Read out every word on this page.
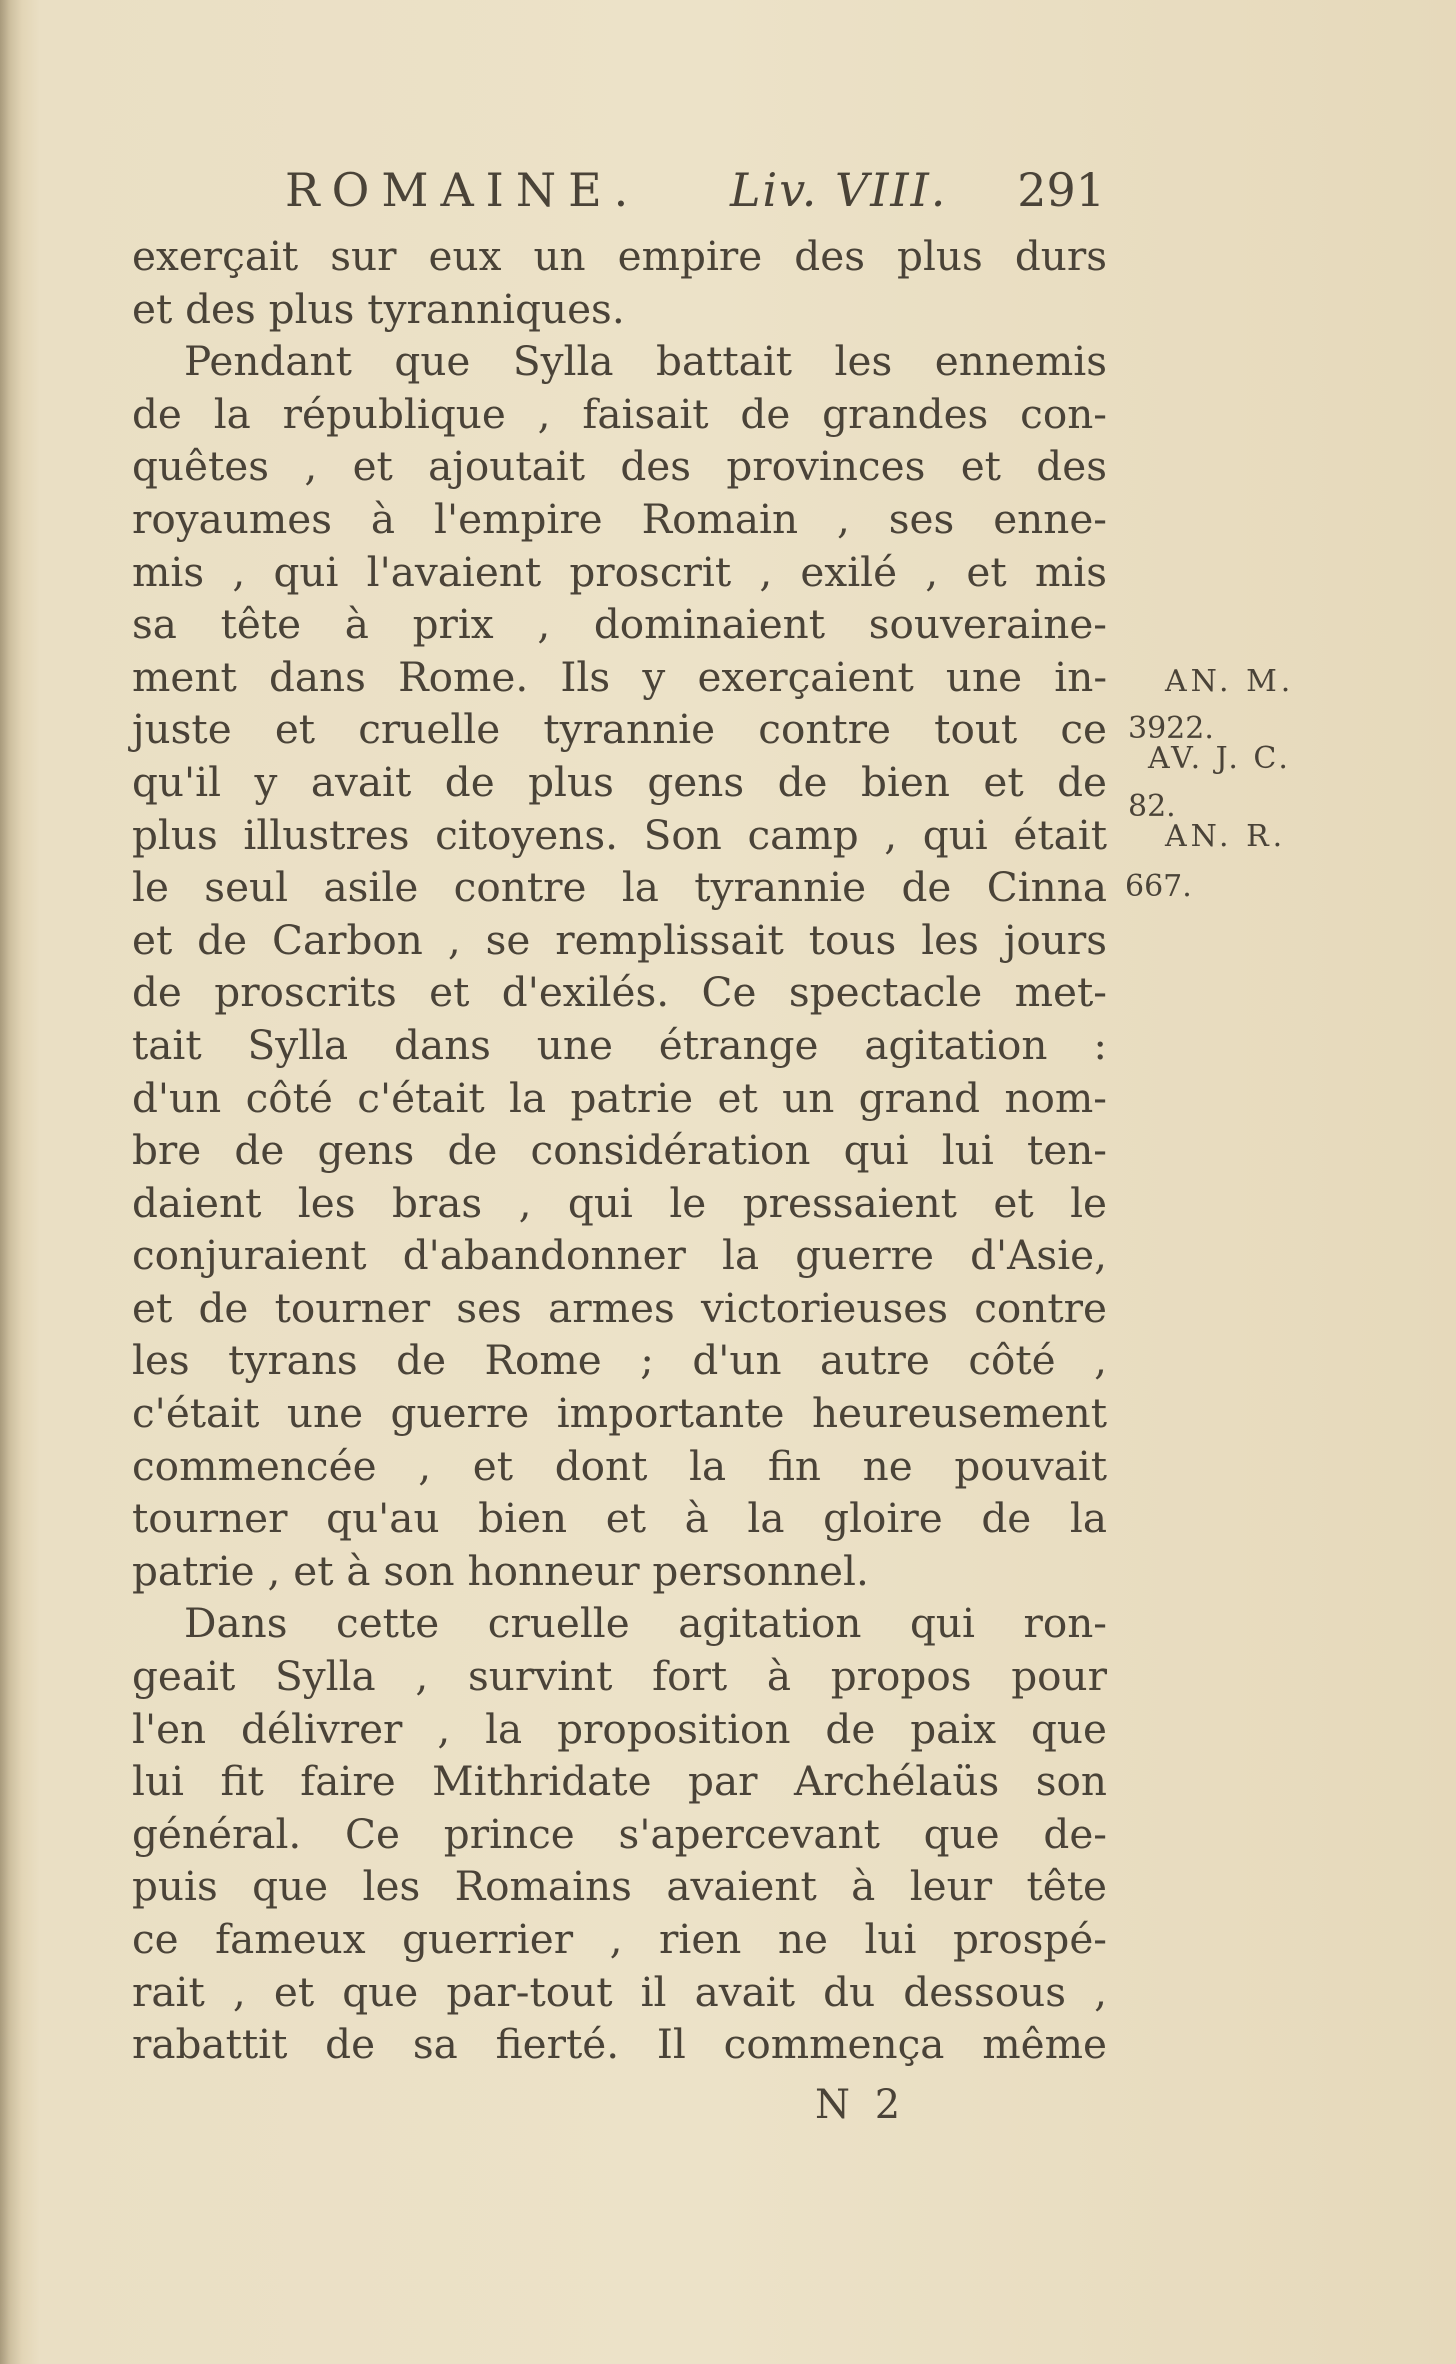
ROMAINE. Liv. VIII. 291
exerçait sur eux un empire des plus durs
et des plus tyranniques.
Pendant que Sylla battait les ennemis
de la république , faisait de grandes con-
quêtes , et ajoutait des provinces et des
royaumes à l'empire Romain , ses enne-
mis , qui l'avaient proscrit , exilé , et mis
sa tête à prix , dominaient souveraine-
ment dans Rome. Ils y exerçaient une in-
juste et cruelle tyrannie contre tout ce
qu'il y avait de plus gens de bien et de
plus illustres citoyens. Son camp , qui était
le seul asile contre la tyrannie de Cinna
et de Carbon , se remplissait tous les jours
de proscrits et d'exilés. Ce spectacle met-
tait Sylla dans une étrange agitation :
d'un côté c'était la patrie et un grand nom-
bre de gens de considération qui lui ten-
daient les bras , qui le pressaient et le
conjuraient d'abandonner la guerre d'Asie,
et de tourner ses armes victorieuses contre
les tyrans de Rome ; d'un autre côté ,
c'était une guerre importante heureusement
commencée , et dont la fin ne pouvait
tourner qu'au bien et à la gloire de la
patrie , et à son honneur personnel.
Dans cette cruelle agitation qui ron-
geait Sylla , survint fort à propos pour
l'en délivrer , la proposition de paix que
lui fit faire Mithridate par Archélaüs son
général. Ce prince s'apercevant que de-
puis que les Romains avaient à leur tête
ce fameux guerrier , rien ne lui prospé-
rait , et que par-tout il avait du dessous ,
rabattit de sa fierté. Il commença même
AN. M.
3922.
AV. J. C.
82.
AN. R.
667.
N 2
